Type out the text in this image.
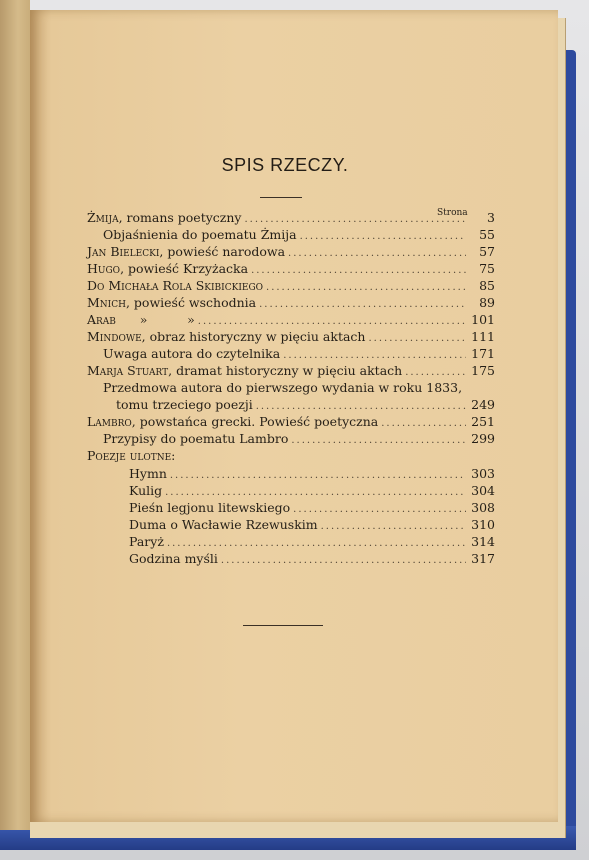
SPIS RZECZY.
Strona
Żmija , romans poetyczny .....	3
Objaśnienia do poematu Żmija .....	55
Jan Bielecki , powieść narodowa .....	57
Hugo , powieść Krzyżacka .....	75
Do Michała Rola Skibickiego .....	85
Mnich , powieść wschodnia .....	89
Arab »          » .....	101
Mindowe , obraz historyczny w pięciu aktach .....	111
Uwaga autora do czytelnika .....	171
Marja Stuart , dramat historyczny w pięciu aktach .....	175
Przedmowa autora do pierwszego wydania w roku 1833,
tomu trzeciego poezji .....	249
Lambro , powstańca grecki. Powieść poetyczna .....	251
Przypisy do poematu Lambro .....	299
Poezje ulotne:
Hymn .....	303
Kulig .....	304
Pieśn legjonu litewskiego .....	308
Duma o Wacławie Rzewuskim .....	310
Paryż .....	314
Godzina myśli .....	317
